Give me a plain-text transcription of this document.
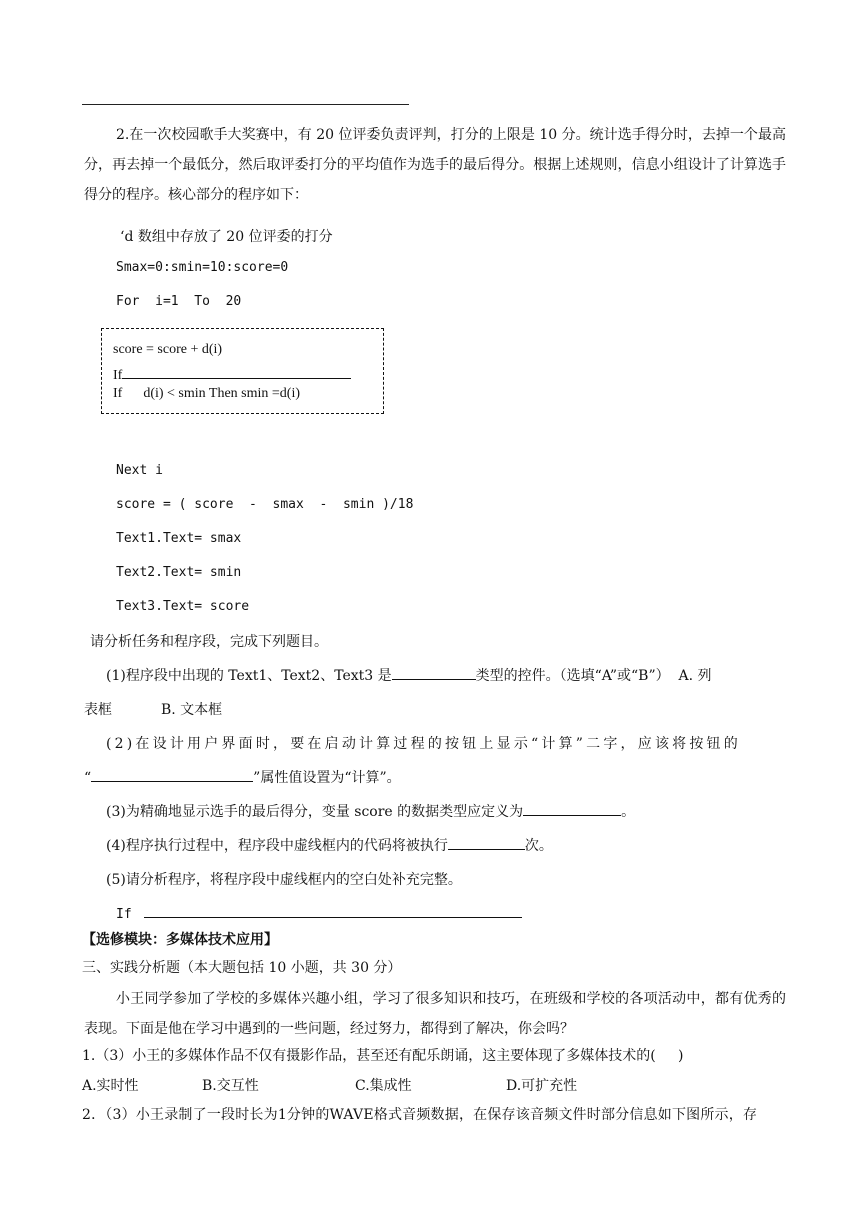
2.在一次校园歌手大奖赛中，有 20 位评委负责评判，打分的上限是 10 分。统计选手得分时，去掉一个最高分，再去掉一个最低分，然后取评委打分的平均值作为选手的最后得分。根据上述规则，信息小组设计了计算选手得分的程序。核心部分的程序如下：
‘d 数组中存放了 20 位评委的打分
Smax=0:smin=10:score=0
For  i=1  To  20
score = score + d(i)
If
If      d(i) < smin Then smin =d(i)
Next i
score = ( score  -  smax  -  smin )/18
Text1.Text= smax
Text2.Text= smin
Text3.Text= score
请分析任务和程序段，完成下列题目。
(1)程序段中出现的 Text1、Text2、Text3 是	类型的控件。（选填“A”或“B”）  A. 列
表框           B. 文本框
(2)在设计用户界面时，要在启动计算过程的按钮上显示“计算”二字，应该将按钮的
“	”属性值设置为“计算”。
(3)为精确地显示选手的最后得分，变量 score 的数据类型应定义为	。
(4)程序执行过程中，程序段中虚线框内的代码将被执行	次。
(5)请分析程序，将程序段中虚线框内的空白处补充完整。
If
【选修模块：多媒体技术应用】
三、实践分析题（本大题包括 10 小题，共 30 分）
小王同学参加了学校的多媒体兴趣小组，学习了很多知识和技巧，在班级和学校的各项活动中，都有优秀的表现。下面是他在学习中遇到的一些问题，经过努力，都得到了解决，你会吗？
1.（3）小王的多媒体作品不仅有摄影作品，甚至还有配乐朗诵，这主要体现了多媒体技术的(     )
A.实时性	B.交互性	C.集成性	D.可扩充性
2．（3）小王录制了一段时长为1分钟的WAVE格式音频数据，在保存该音频文件时部分信息如下图所示，存
